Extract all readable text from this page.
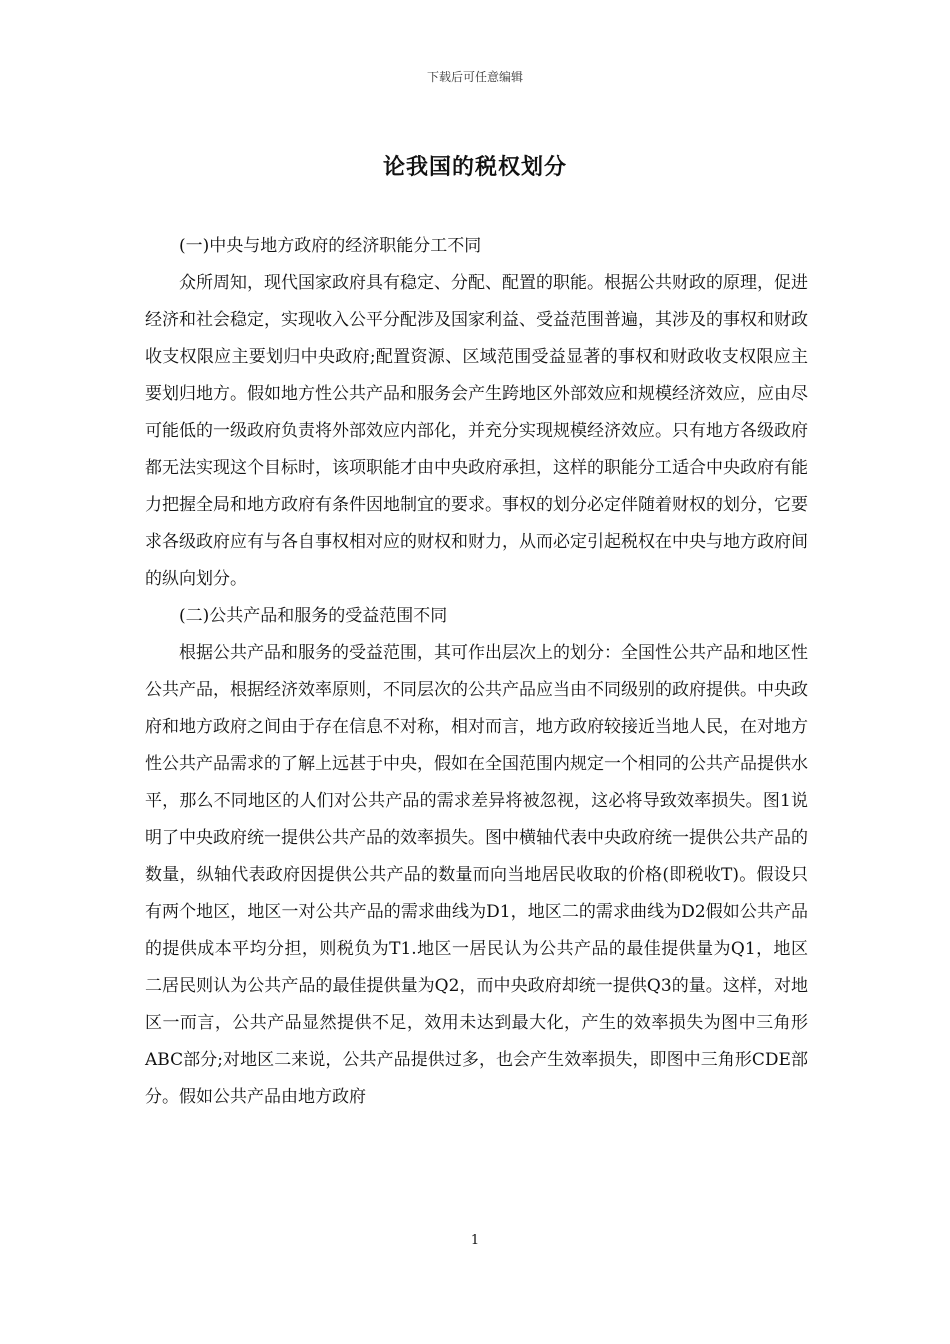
下载后可任意编辑
论我国的税权划分

(一)中央与地方政府的经济职能分工不同

众所周知，现代国家政府具有稳定、分配、配置的职能。根据公共财政的原理，促进经济和社会稳定，实现收入公平分配涉及国家利益、受益范围普遍，其涉及的事权和财政收支权限应主要划归中央政府;配置资源、区域范围受益显著的事权和财政收支权限应主要划归地方。假如地方性公共产品和服务会产生跨地区外部效应和规模经济效应，应由尽可能低的一级政府负责将外部效应内部化，并充分实现规模经济效应。只有地方各级政府都无法实现这个目标时，该项职能才由中央政府承担，这样的职能分工适合中央政府有能力把握全局和地方政府有条件因地制宜的要求。事权的划分必定伴随着财权的划分，它要求各级政府应有与各自事权相对应的财权和财力，从而必定引起税权在中央与地方政府间的纵向划分。

(二)公共产品和服务的受益范围不同

根据公共产品和服务的受益范围，其可作出层次上的划分：全国性公共产品和地区性公共产品，根据经济效率原则，不同层次的公共产品应当由不同级别的政府提供。中央政府和地方政府之间由于存在信息不对称，相对而言，地方政府较接近当地人民，在对地方性公共产品需求的了解上远甚于中央，假如在全国范围内规定一个相同的公共产品提供水平，那么不同地区的人们对公共产品的需求差异将被忽视，这必将导致效率损失。图1说明了中央政府统一提供公共产品的效率损失。图中横轴代表中央政府统一提供公共产品的数量，纵轴代表政府因提供公共产品的数量而向当地居民收取的价格(即税收T)。假设只有两个地区，地区一对公共产品的需求曲线为D1，地区二的需求曲线为D2假如公共产品的提供成本平均分担，则税负为T1.地区一居民认为公共产品的最佳提供量为Q1，地区二居民则认为公共产品的最佳提供量为Q2，而中央政府却统一提供Q3的量。这样，对地区一而言，公共产品显然提供不足，效用未达到最大化，产生的效率损失为图中三角形ABC部分;对地区二来说，公共产品提供过多，也会产生效率损失，即图中三角形CDE部分。假如公共产品由地方政府

1
